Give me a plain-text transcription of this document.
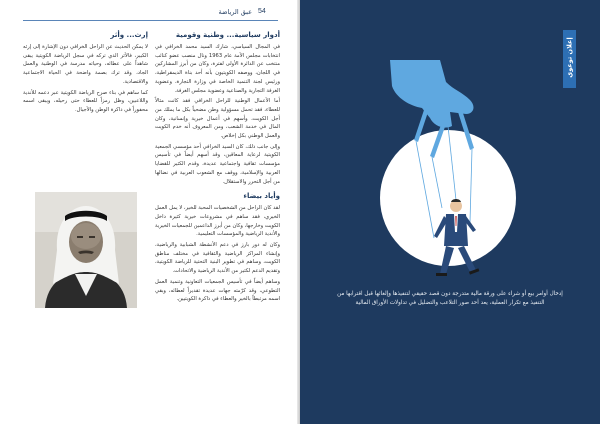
54
عبق الرياضة
أدوار سياسية... وطنية وقومية

في المجال السياسي، شارك السيد محمد الخرافي في انتخابات مجلس الأمة عام 1963 ونال منصب عضو كنائب منتخب عن الدائرة الأولى لفترة، وكان من أبرز المشاركين في اللجان، ووصفه الكويتيون بأنه أحد بناة الديمقراطية، ورئيس لجنة التنمية الخاصة في وزارة التجارة، وعضوية الغرفة التجارية والصناعية وعضوية مجلس الغرفة.

أما الأعمال الوطنية للراحل الخرافي فقد كانت مثالاً للعطاء، فقد تحمل مسؤولية وطن مضحياً بكل ما يملك من أجل الكويت، وأسهم في أعمال خيرية وإنسانية، وكان المال في خدمة الشعب، ومن المعروف أنه خدم الكويت والعمل الوطني بكل إخلاص.

وإلى جانب ذلك، كان السيد الخرافي أحد مؤسسي الجمعية الكويتية لرعاية المعاقين، وقد أسهم أيضاً في تأسيس مؤسسات ثقافية واجتماعية عديدة، وقدم الكثير للقضايا العربية والإسلامية، ووقف مع الشعوب العربية في نضالها من أجل التحرر والاستقلال.

وأياد بيضاء

لقد كان الراحل من الشخصيات المحبة للخير، لا يمل العمل الخيري، فقد ساهم في مشروعات خيرية كثيرة داخل الكويت وخارجها، وكان من أبرز الداعمين للجمعيات الخيرية والأندية الرياضية والمؤسسات التعليمية.

وكان له دور بارز في دعم الأنشطة الشبابية والرياضية، وإنشاء المراكز الرياضية والثقافية في مختلف مناطق الكويت، وساهم في تطوير البنية التحتية للرياضة الكويتية، وتقديم الدعم لكثير من الأندية الرياضية والاتحادات.

وساهم أيضاً في تأسيس الجمعيات التعاونية وتنمية العمل التطوعي، وقد كرّمته جهات عديدة تقديراً لعطائه، وبقي اسمه مرتبطاً بالخير والعطاء في ذاكرة الكويتيين.

إرث... وأثر

لا يمكن الحديث عن الراحل الخرافي دون الإشارة إلى إرثه الكبير، فالأثر الذي تركه في سجل الرياضة الكويتية يبقى شاهداً على عطائه، وحياته مدرسة في الوطنية والعمل الجاد، وقد ترك بصمة واضحة في الحياة الاجتماعية والاقتصادية.

كما ساهم في بناء صرح الرياضة الكويتية عبر دعمه للأندية واللاعبين، وظل رمزاً للعطاء حتى رحيله، ويبقى اسمه محفوراً في ذاكرة الوطن والأجيال.

إعلان توعوي
إدخال أوامر بيع أو شراء على ورقة مالية متدرجة دون قصد حقيقي لتنفيذها وإلغائها قبل اقترابها من التنفيذ مع تكرار العملية، يعد أحد صور التلاعب والتضليل في تداولات الأوراق المالية
